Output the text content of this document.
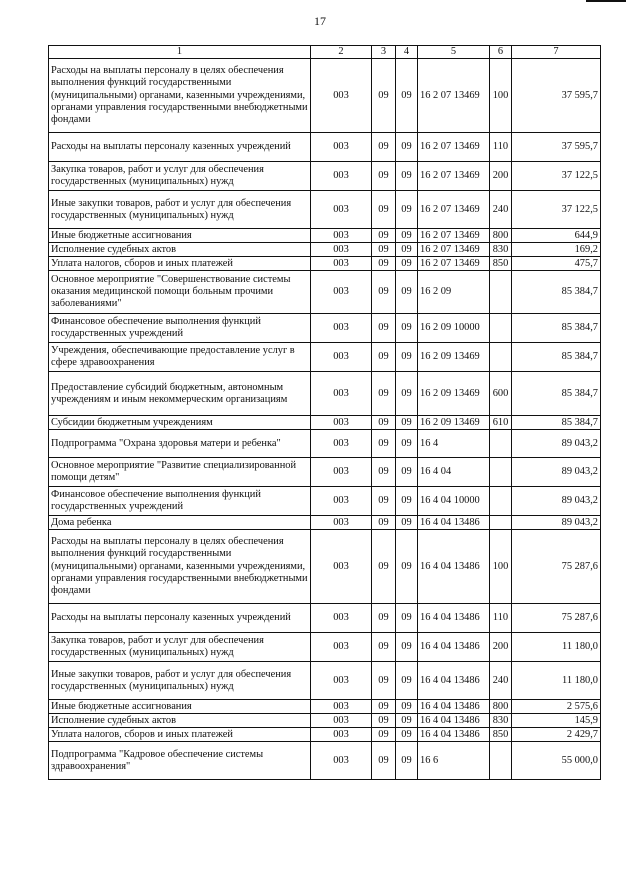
17
1	2	3	4	5	6	7
Расходы на выплаты персоналу в целях обеспечения выполнения функций государственными (муниципальными) органами, казенными учреждениями, органами управления государственными внебюджетными фондами	003	09	09	16 2 07 13469	100	37 595,7
Расходы на выплаты персоналу казенных учреждений	003	09	09	16 2 07 13469	110	37 595,7
Закупка товаров, работ и услуг для обеспечения государственных (муниципальных) нужд	003	09	09	16 2 07 13469	200	37 122,5
Иные закупки товаров, работ и услуг для обеспечения государственных (муниципальных) нужд	003	09	09	16 2 07 13469	240	37 122,5
Иные бюджетные ассигнования	003	09	09	16 2 07 13469	800	644,9
Исполнение судебных актов	003	09	09	16 2 07 13469	830	169,2
Уплата налогов, сборов и иных платежей	003	09	09	16 2 07 13469	850	475,7
Основное мероприятие "Совершенствование системы оказания медицинской помощи больным прочими заболеваниями"	003	09	09	16 2 09		85 384,7
Финансовое обеспечение выполнения функций государственных учреждений	003	09	09	16 2 09 10000		85 384,7
Учреждения, обеспечивающие предоставление услуг в сфере здравоохранения	003	09	09	16 2 09 13469		85 384,7
Предоставление субсидий бюджетным, автономным учреждениям и иным некоммерческим организациям	003	09	09	16 2 09 13469	600	85 384,7
Субсидии бюджетным учреждениям	003	09	09	16 2 09 13469	610	85 384,7
Подпрограмма "Охрана здоровья матери и ребенка"	003	09	09	16 4		89 043,2
Основное мероприятие "Развитие специализированной помощи детям"	003	09	09	16 4 04		89 043,2
Финансовое обеспечение выполнения функций государственных учреждений	003	09	09	16 4 04 10000		89 043,2
Дома ребенка	003	09	09	16 4 04 13486		89 043,2
Расходы на выплаты персоналу в целях обеспечения выполнения функций государственными (муниципальными) органами, казенными учреждениями, органами управления государственными внебюджетными фондами	003	09	09	16 4 04 13486	100	75 287,6
Расходы на выплаты персоналу казенных учреждений	003	09	09	16 4 04 13486	110	75 287,6
Закупка товаров, работ и услуг для обеспечения государственных (муниципальных) нужд	003	09	09	16 4 04 13486	200	11 180,0
Иные закупки товаров, работ и услуг для обеспечения государственных (муниципальных) нужд	003	09	09	16 4 04 13486	240	11 180,0
Иные бюджетные ассигнования	003	09	09	16 4 04 13486	800	2 575,6
Исполнение судебных актов	003	09	09	16 4 04 13486	830	145,9
Уплата налогов, сборов и иных платежей	003	09	09	16 4 04 13486	850	2 429,7
Подпрограмма "Кадровое обеспечение системы здравоохранения"	003	09	09	16 6		55 000,0
